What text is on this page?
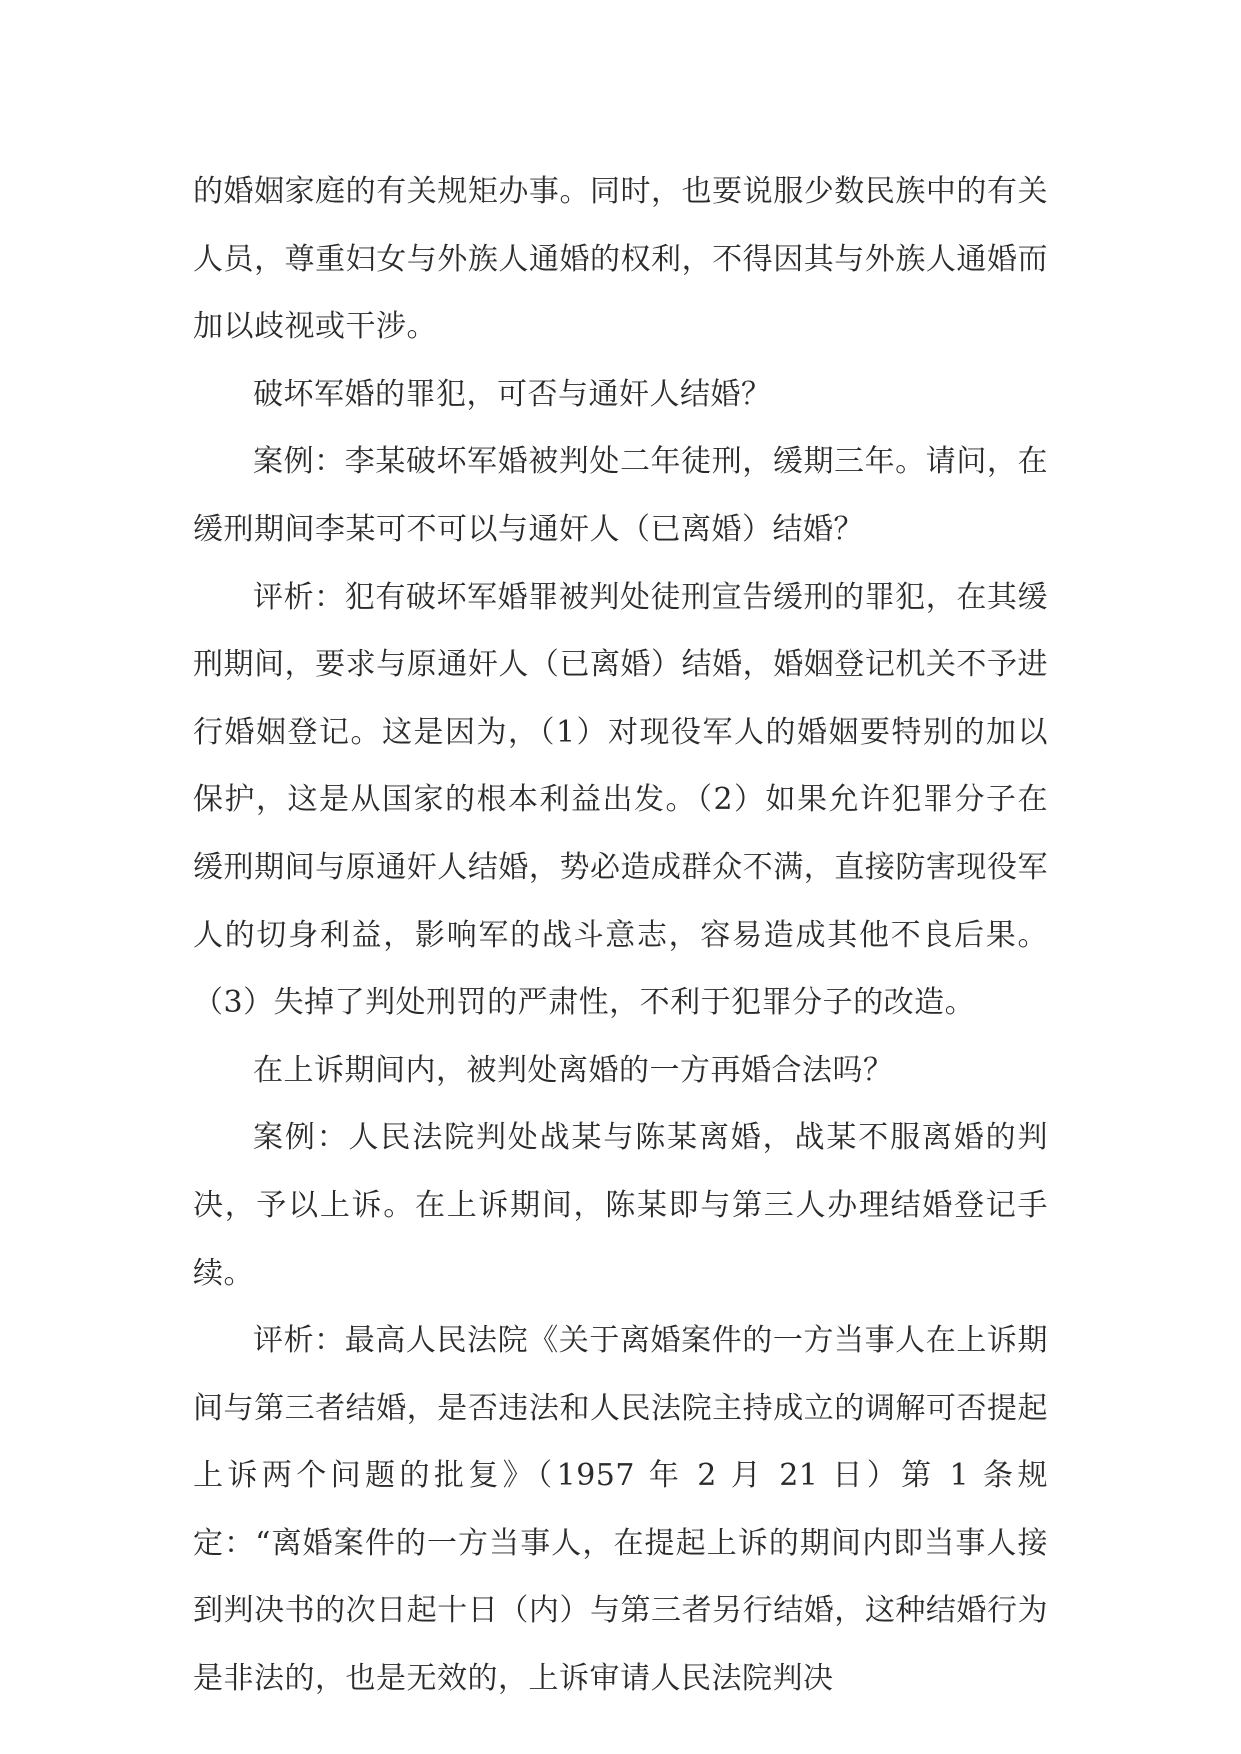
的婚姻家庭的有关规矩办事。同时，也要说服少数民族中的有关人员，尊重妇女与外族人通婚的权利，不得因其与外族人通婚而加以歧视或干涉。

破坏军婚的罪犯，可否与通奸人结婚？

案例：李某破坏军婚被判处二年徒刑，缓期三年。请问，在缓刑期间李某可不可以与通奸人（已离婚）结婚？

评析：犯有破坏军婚罪被判处徒刑宣告缓刑的罪犯，在其缓刑期间，要求与原通奸人（已离婚）结婚，婚姻登记机关不予进行婚姻登记。这是因为，（1）对现役军人的婚姻要特别的加以保护，这是从国家的根本利益出发。（2）如果允许犯罪分子在缓刑期间与原通奸人结婚，势必造成群众不满，直接防害现役军人的切身利益，影响军的战斗意志，容易造成其他不良后果。（3）失掉了判处刑罚的严肃性，不利于犯罪分子的改造。

在上诉期间内，被判处离婚的一方再婚合法吗？

案例：人民法院判处战某与陈某离婚，战某不服离婚的判决，予以上诉。在上诉期间，陈某即与第三人办理结婚登记手续。

评析：最高人民法院《关于离婚案件的一方当事人在上诉期间与第三者结婚，是否违法和人民法院主持成立的调解可否提起上诉两个问题的批复》（1957 年 2 月 21 日）第 1 条规定：“离婚案件的一方当事人，在提起上诉的期间内即当事人接到判决书的次日起十日（内）与第三者另行结婚，这种结婚行为是非法的，也是无效的，上诉审请人民法院判决
